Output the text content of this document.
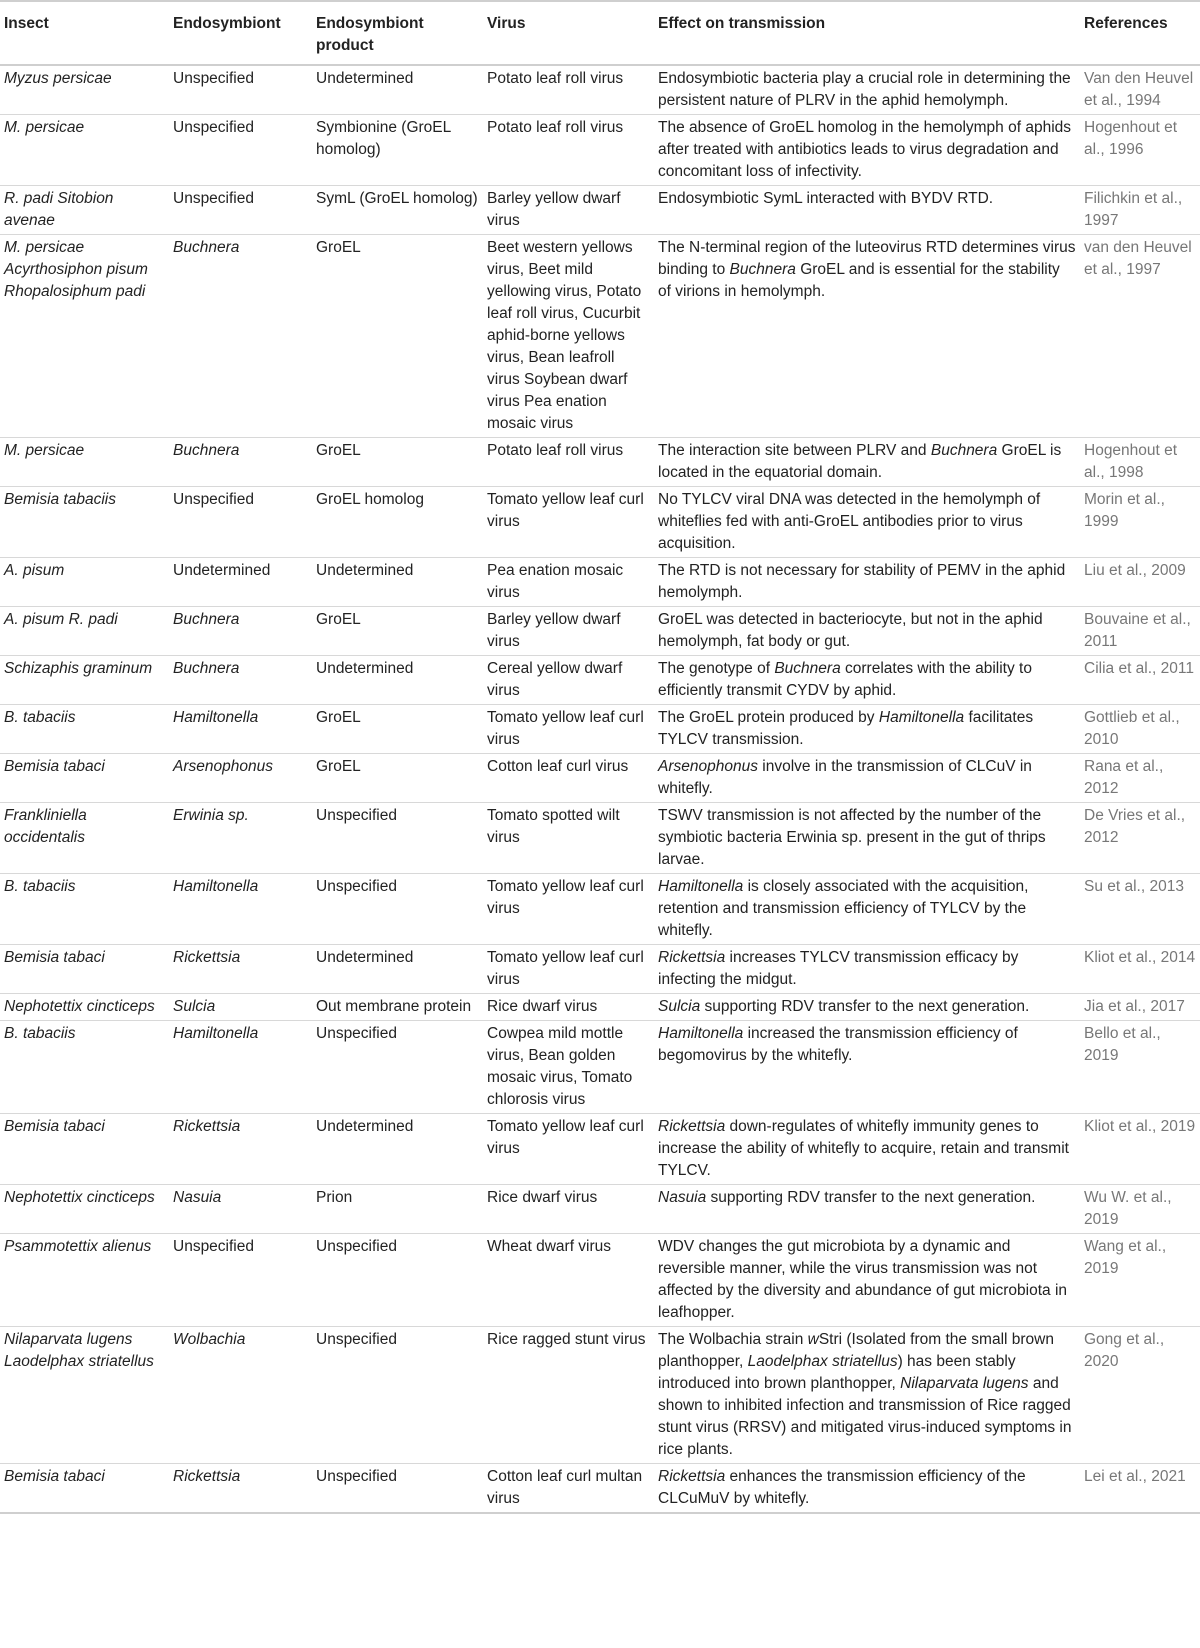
Insect	Endosymbiont	Endosymbiont product	Virus	Effect on transmission	References
Myzus persicae	Unspecified	Undetermined	Potato leaf roll virus	Endosymbiotic bacteria play a crucial role in determining the persistent nature of PLRV in the aphid hemolymph.	Van den Heuvel et al., 1994
M. persicae	Unspecified	Symbionine (GroEL homolog)	Potato leaf roll virus	The absence of GroEL homolog in the hemolymph of aphids after treated with antibiotics leads to virus degradation and concomitant loss of infectivity.	Hogenhout et al., 1996
R. padi Sitobion avenae	Unspecified	SymL (GroEL homolog)	Barley yellow dwarf virus	Endosymbiotic SymL interacted with BYDV RTD.	Filichkin et al., 1997
M. persicae Acyrthosiphon pisum Rhopalosiphum padi	Buchnera	GroEL	Beet western yellows virus, Beet mild yellowing virus, Potato leaf roll virus, Cucurbit aphid-borne yellows virus, Bean leafroll virus Soybean dwarf virus Pea enation mosaic virus	The N-terminal region of the luteovirus RTD determines virus binding to Buchnera GroEL and is essential for the stability of virions in hemolymph.	van den Heuvel et al., 1997
M. persicae	Buchnera	GroEL	Potato leaf roll virus	The interaction site between PLRV and Buchnera GroEL is located in the equatorial domain.	Hogenhout et al., 1998
Bemisia tabaciis	Unspecified	GroEL homolog	Tomato yellow leaf curl virus	No TYLCV viral DNA was detected in the hemolymph of whiteflies fed with anti-GroEL antibodies prior to virus acquisition.	Morin et al., 1999
A. pisum	Undetermined	Undetermined	Pea enation mosaic virus	The RTD is not necessary for stability of PEMV in the aphid hemolymph.	Liu et al., 2009
A. pisum R. padi	Buchnera	GroEL	Barley yellow dwarf virus	GroEL was detected in bacteriocyte, but not in the aphid hemolymph, fat body or gut.	Bouvaine et al., 2011
Schizaphis graminum	Buchnera	Undetermined	Cereal yellow dwarf virus	The genotype of Buchnera correlates with the ability to efficiently transmit CYDV by aphid.	Cilia et al., 2011
B. tabaciis	Hamiltonella	GroEL	Tomato yellow leaf curl virus	The GroEL protein produced by Hamiltonella facilitates TYLCV transmission.	Gottlieb et al., 2010
Bemisia tabaci	Arsenophonus	GroEL	Cotton leaf curl virus	Arsenophonus involve in the transmission of CLCuV in whitefly.	Rana et al., 2012
Frankliniella occidentalis	Erwinia sp.	Unspecified	Tomato spotted wilt virus	TSWV transmission is not affected by the number of the symbiotic bacteria Erwinia sp. present in the gut of thrips larvae.	De Vries et al., 2012
B. tabaciis	Hamiltonella	Unspecified	Tomato yellow leaf curl virus	Hamiltonella is closely associated with the acquisition, retention and transmission efficiency of TYLCV by the whitefly.	Su et al., 2013
Bemisia tabaci	Rickettsia	Undetermined	Tomato yellow leaf curl virus	Rickettsia increases TYLCV transmission efficacy by infecting the midgut.	Kliot et al., 2014
Nephotettix cincticeps	Sulcia	Out membrane protein	Rice dwarf virus	Sulcia supporting RDV transfer to the next generation.	Jia et al., 2017
B. tabaciis	Hamiltonella	Unspecified	Cowpea mild mottle virus, Bean golden mosaic virus, Tomato chlorosis virus	Hamiltonella increased the transmission efficiency of begomovirus by the whitefly.	Bello et al., 2019
Bemisia tabaci	Rickettsia	Undetermined	Tomato yellow leaf curl virus	Rickettsia down-regulates of whitefly immunity genes to increase the ability of whitefly to acquire, retain and transmit TYLCV.	Kliot et al., 2019
Nephotettix cincticeps	Nasuia	Prion	Rice dwarf virus	Nasuia supporting RDV transfer to the next generation.	Wu W. et al., 2019
Psammotettix alienus	Unspecified	Unspecified	Wheat dwarf virus	WDV changes the gut microbiota by a dynamic and reversible manner, while the virus transmission was not affected by the diversity and abundance of gut microbiota in leafhopper.	Wang et al., 2019
Nilaparvata lugens Laodelphax striatellus	Wolbachia	Unspecified	Rice ragged stunt virus	The Wolbachia strain wStri (Isolated from the small brown planthopper, Laodelphax striatellus) has been stably introduced into brown planthopper, Nilaparvata lugens and shown to inhibited infection and transmission of Rice ragged stunt virus (RRSV) and mitigated virus-induced symptoms in rice plants.	Gong et al., 2020
Bemisia tabaci	Rickettsia	Unspecified	Cotton leaf curl multan virus	Rickettsia enhances the transmission efficiency of the CLCuMuV by whitefly.	Lei et al., 2021
